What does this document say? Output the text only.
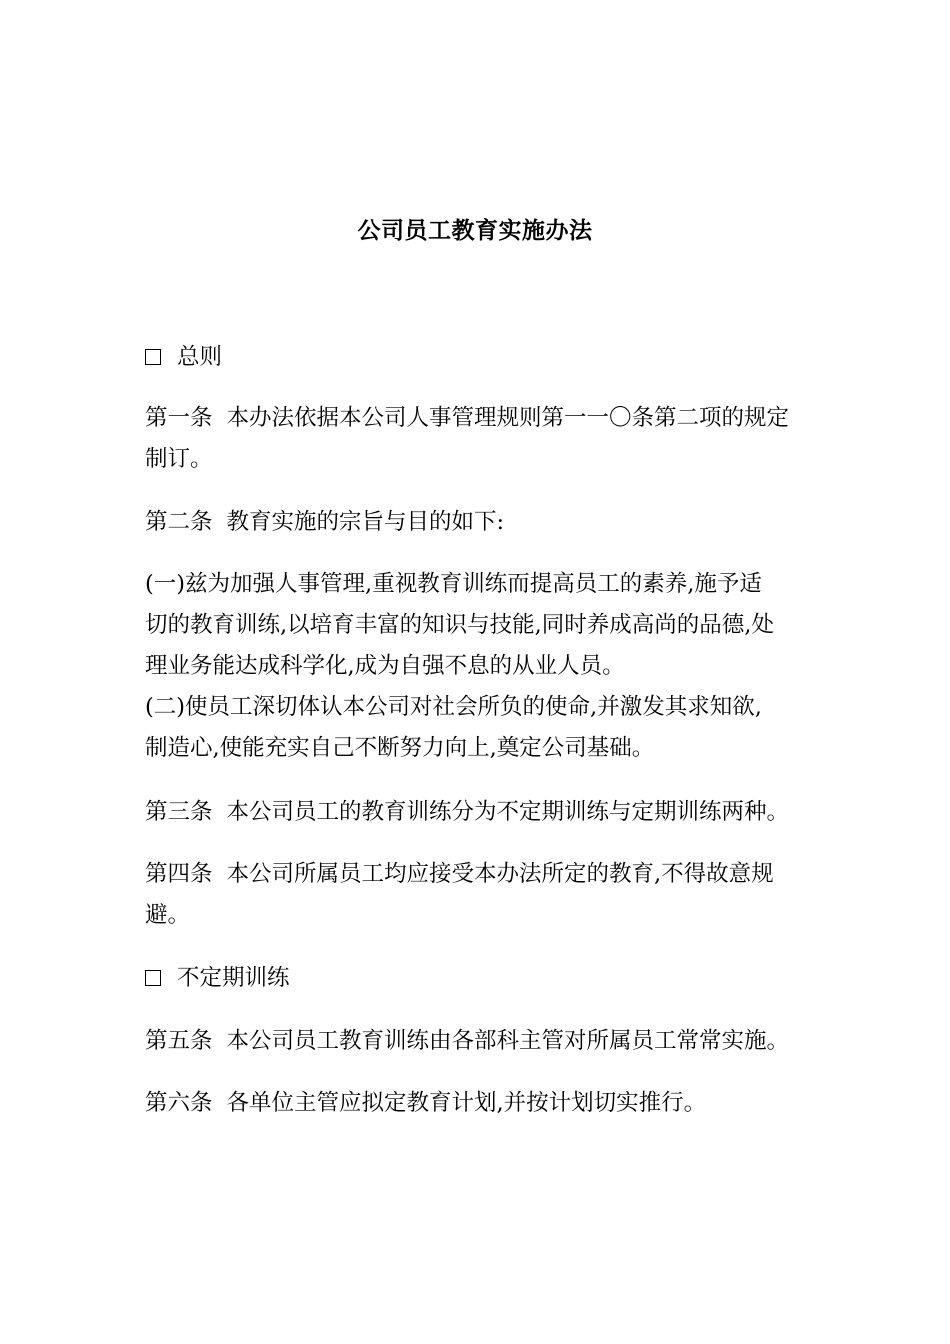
公司员工教育实施办法
总则
第一条 本办法依据本公司人事管理规则第一一〇条第二项的规定
制订。
第二条 教育实施的宗旨与目的如下:
(一)兹为加强人事管理,重视教育训练而提高员工的素养,施予适
切的教育训练,以培育丰富的知识与技能,同时养成高尚的品德,处
理业务能达成科学化,成为自强不息的从业人员。
(二)使员工深切体认本公司对社会所负的使命,并激发其求知欲,
制造心,使能充实自己不断努力向上,奠定公司基础。
第三条 本公司员工的教育训练分为不定期训练与定期训练两种。
第四条 本公司所属员工均应接受本办法所定的教育,不得故意规
避。
不定期训练
第五条 本公司员工教育训练由各部科主管对所属员工常常实施。
第六条 各单位主管应拟定教育计划,并按计划切实推行。
